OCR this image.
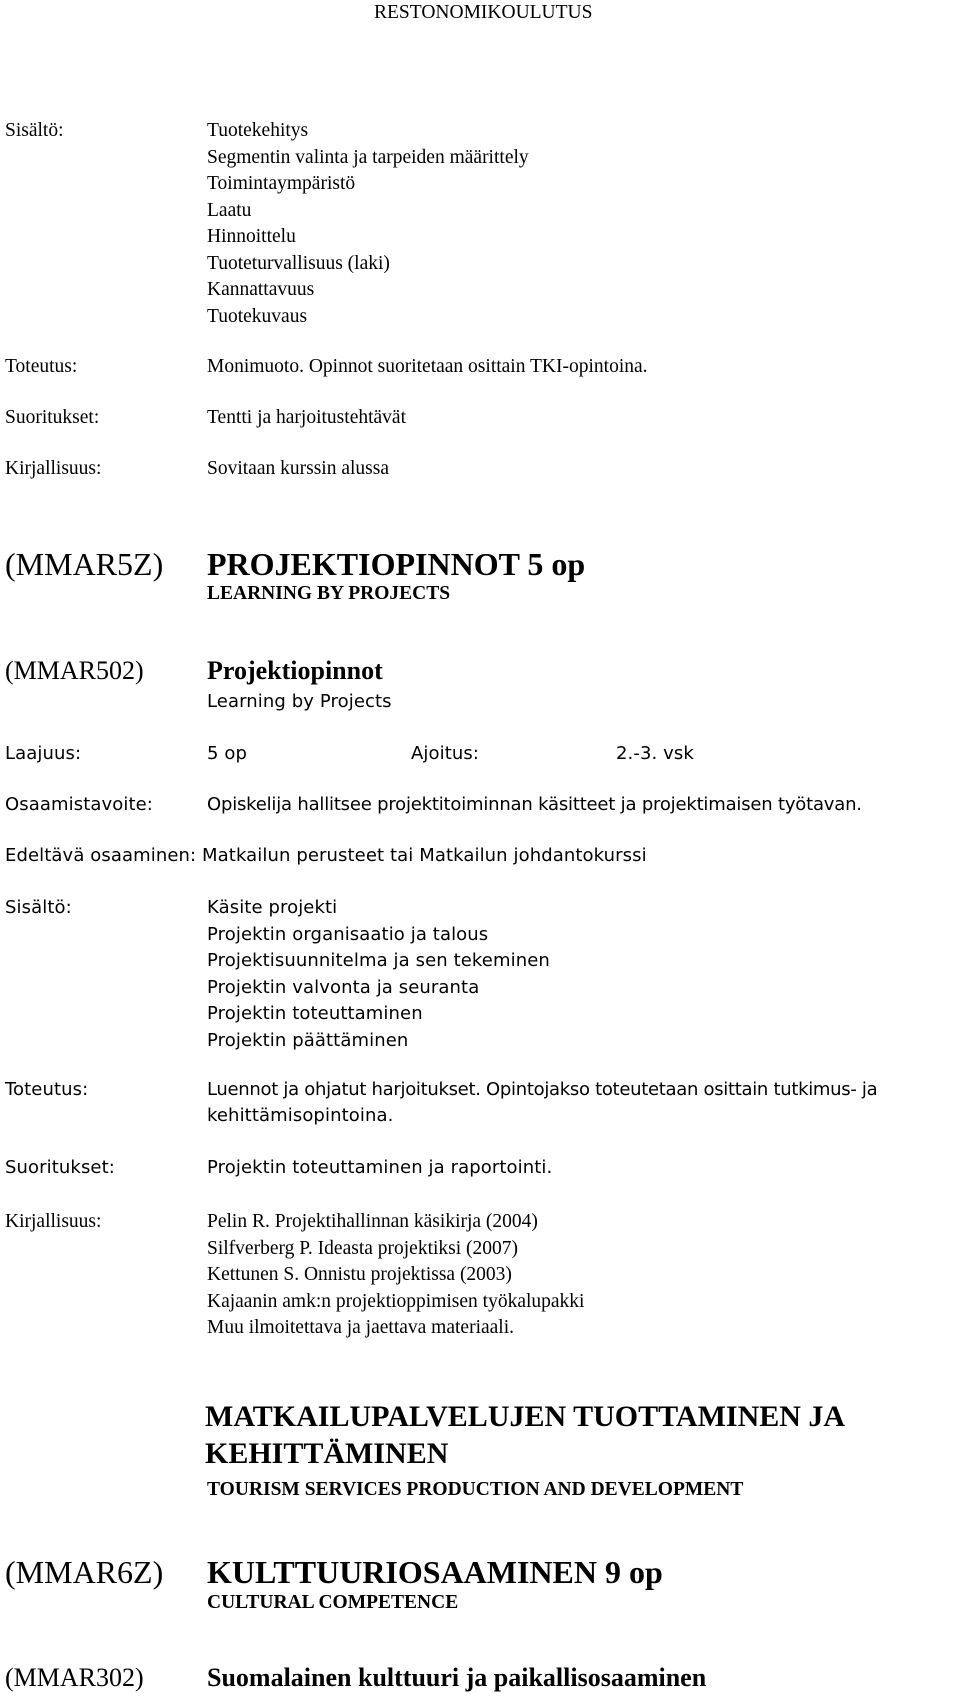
RESTONOMIKOULUTUS
Sisältö:	Tuotekehitys
Segmentin valinta ja tarpeiden määrittely
Toimintaympäristö
Laatu
Hinnoittelu
Tuoteturvallisuus (laki)
Kannattavuus
Tuotekuvaus
Toteutus:	Monimuoto. Opinnot suoritetaan osittain TKI-opintoina.
Suoritukset:	Tentti ja harjoitustehtävät
Kirjallisuus:	Sovitaan kurssin alussa
(MMAR5Z) PROJEKTIOPINNOT 5 op
LEARNING BY PROJECTS
(MMAR502) Projektiopinnot
Learning by Projects
Laajuus:	5 op	Ajoitus:	2.-3. vsk
Osaamistavoite:	Opiskelija hallitsee projektitoiminnan käsitteet ja projektimaisen työtavan.
Edeltävä osaaminen: Matkailun perusteet tai Matkailun johdantokurssi
Sisältö:	Käsite projekti
Projektin organisaatio ja talous
Projektisuunnitelma ja sen tekeminen
Projektin valvonta ja seuranta
Projektin toteuttaminen
Projektin päättäminen
Toteutus:	Luennot ja ohjatut harjoitukset. Opintojakso toteutetaan osittain tutkimus- ja
kehittämisopintoina.
Suoritukset:	Projektin toteuttaminen ja raportointi.
Kirjallisuus:	Pelin R. Projektihallinnan käsikirja (2004)
Silfverberg P. Ideasta projektiksi (2007)
Kettunen S. Onnistu projektissa (2003)
Kajaanin amk:n projektioppimisen työkalupakki
Muu ilmoitettava ja jaettava materiaali.
MATKAILUPALVELUJEN TUOTTAMINEN JA
KEHITTÄMINEN
TOURISM SERVICES PRODUCTION AND DEVELOPMENT
(MMAR6Z) KULTTUURIOSAAMINEN 9 op
CULTURAL COMPETENCE
(MMAR302) Suomalainen kulttuuri ja paikallisosaaminen
